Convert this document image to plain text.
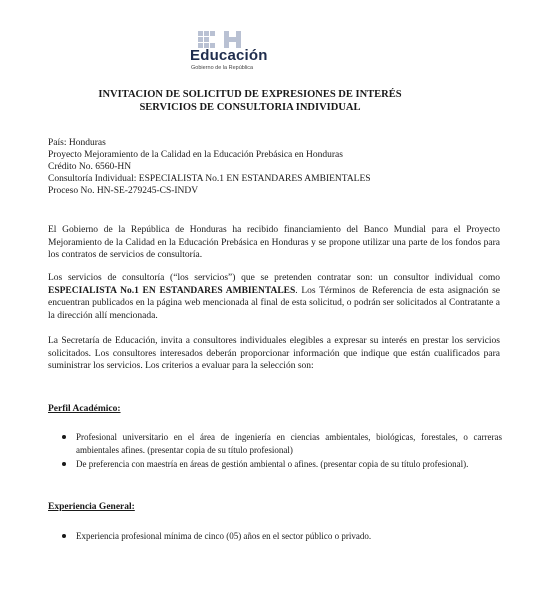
Educación
Gobierno de la República
INVITACION DE SOLICITUD DE EXPRESIONES DE INTERÉS
SERVICIOS DE CONSULTORIA INDIVIDUAL
País: Honduras
Proyecto Mejoramiento de la Calidad en la Educación Prebásica en Honduras
Crédito No. 6560-HN
Consultoría Individual: ESPECIALISTA No.1 EN ESTANDARES AMBIENTALES
Proceso No. HN-SE-279245-CS-INDV
El Gobierno de la República de Honduras ha recibido financiamiento del Banco Mundial para el Proyecto Mejoramiento de la Calidad en la Educación Prebásica en Honduras y se propone utilizar una parte de los fondos para los contratos de servicios de consultoría.
Los servicios de consultoría (“los servicios”) que se pretenden contratar son: un consultor individual como ESPECIALISTA No.1 EN ESTANDARES AMBIENTALES. Los Términos de Referencia de esta asignación se encuentran publicados en la página web mencionada al final de esta solicitud, o podrán ser solicitados al Contratante a la dirección allí mencionada.
La Secretaría de Educación, invita a consultores individuales elegibles a expresar su interés en prestar los servicios solicitados. Los consultores interesados deberán proporcionar información que indique que están cualificados para suministrar los servicios. Los criterios a evaluar para la selección son:
Perfil Académico:
Profesional universitario en el área de ingeniería en ciencias ambientales, biológicas, forestales, o carreras ambientales afines. (presentar copia de su título profesional)
De preferencia con maestría en áreas de gestión ambiental o afines. (presentar copia de su título profesional).
Experiencia General:
Experiencia profesional mínima de cinco (05) años en el sector público o privado.
